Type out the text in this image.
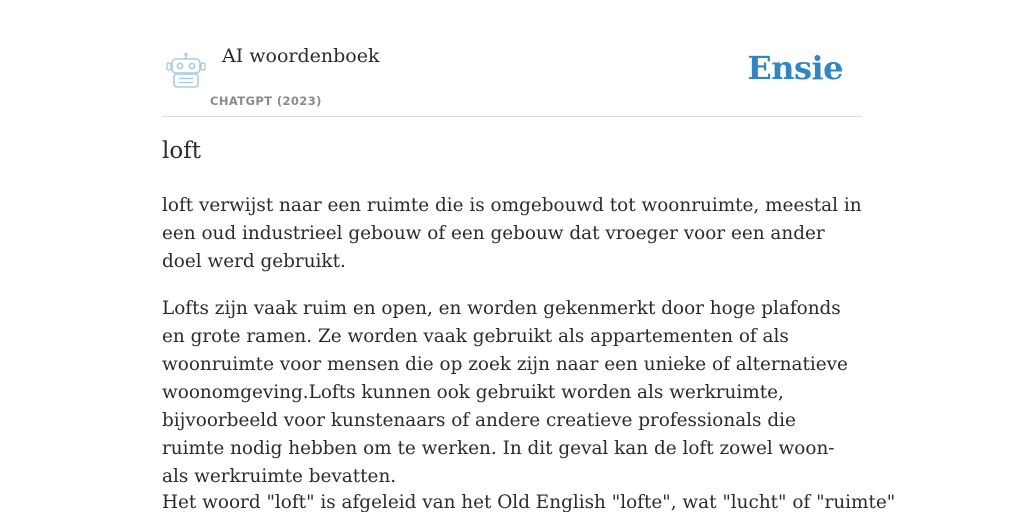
AI woordenboek
CHATGPT (2023)
Ensie
loft

loft verwijst naar een ruimte die is omgebouwd tot woonruimte, meestal in een oud industrieel gebouw of een gebouw dat vroeger voor een ander doel werd gebruikt.

Lofts zijn vaak ruim en open, en worden gekenmerkt door hoge plafonds en grote ramen. Ze worden vaak gebruikt als appartementen of als woonruimte voor mensen die op zoek zijn naar een unieke of alternatieve woonomgeving.Lofts kunnen ook gebruikt worden als werkruimte, bijvoorbeeld voor kunstenaars of andere creatieve professionals die ruimte nodig hebben om te werken. In dit geval kan de loft zowel woon- als werkruimte bevatten.

Het woord "loft" is afgeleid van het Old English "lofte", wat "lucht" of "ruimte"
